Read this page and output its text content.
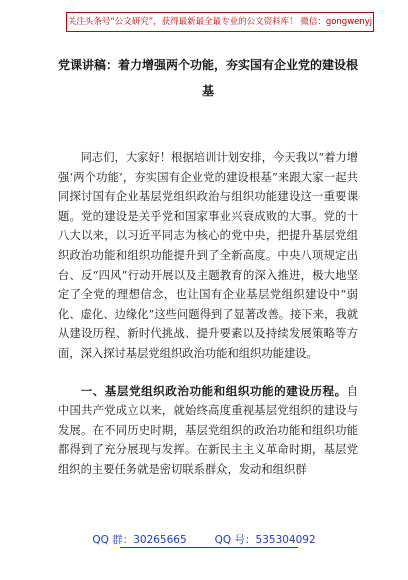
关注头条号“公文研究”，获得最新最全最专业的公文资料库！ 微信：gongwenyj
党课讲稿：着力增强两个功能，夯实国有企业党的建设根
基

同志们，大家好！根据培训计划安排，今天我以“着力增强‘两个功能’，夯实国有企业党的建设根基”来跟大家一起共同探讨国有企业基层党组织政治与组织功能建设这一重要课题。党的建设是关乎党和国家事业兴衰成败的大事。党的十八大以来，以习近平同志为核心的党中央，把提升基层党组织政治功能和组织功能提升到了全新高度。中央八项规定出台、反“四风”行动开展以及主题教育的深入推进，极大地坚定了全党的理想信念，也让国有企业基层党组织建设中“弱化、虚化、边缘化”这些问题得到了显著改善。接下来，我就从建设历程、新时代挑战、提升要素以及持续发展策略等方面，深入探讨基层党组织政治功能和组织功能建设。

一、基层党组织政治功能和组织功能的建设历程。自中国共产党成立以来，就始终高度重视基层党组织的建设与发展。在不同历史时期，基层党组织的政治功能和组织功能都得到了充分展现与发挥。在新民主主义革命时期，基层党组织的主要任务就是密切联系群众，发动和组织群

QQ 群：30265665	QQ 号：535304092
